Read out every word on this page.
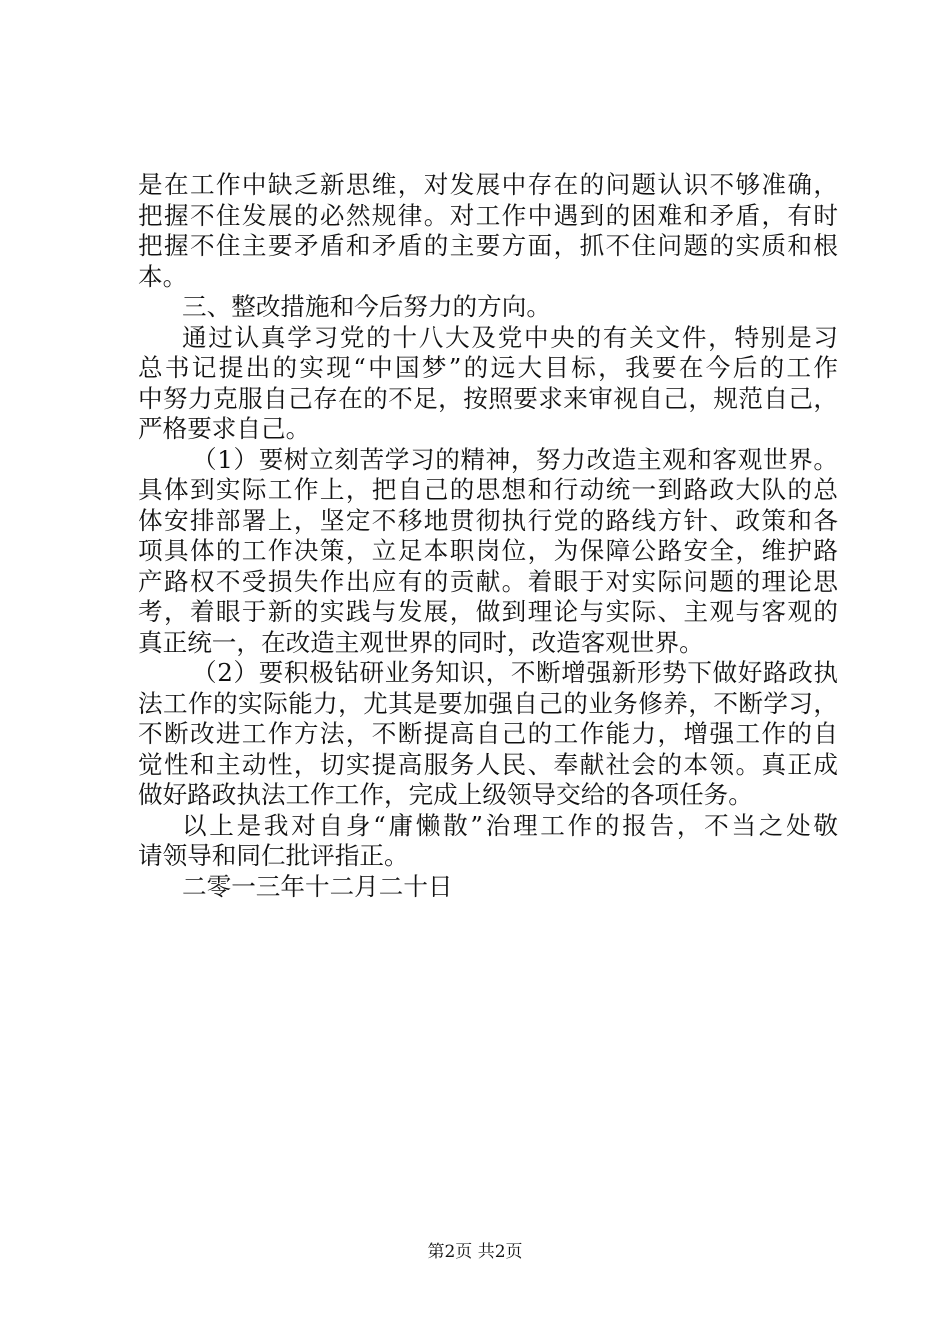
是在工作中缺乏新思维，对发展中存在的问题认识不够准确，
把握不住发展的必然规律。对工作中遇到的困难和矛盾，有时
把握不住主要矛盾和矛盾的主要方面，抓不住问题的实质和根
本。
三、整改措施和今后努力的方向。
通过认真学习党的十八大及党中央的有关文件，特别是习
总书记提出的实现“中国梦”的远大目标，我要在今后的工作
中努力克服自己存在的不足，按照要求来审视自己，规范自己，
严格要求自己。
（1）要树立刻苦学习的精神，努力改造主观和客观世界。
具体到实际工作上，把自己的思想和行动统一到路政大队的总
体安排部署上，坚定不移地贯彻执行党的路线方针、政策和各
项具体的工作决策，立足本职岗位，为保障公路安全，维护路
产路权不受损失作出应有的贡献。着眼于对实际问题的理论思
考，着眼于新的实践与发展，做到理论与实际、主观与客观的
真正统一，在改造主观世界的同时，改造客观世界。
（2）要积极钻研业务知识，不断增强新形势下做好路政执
法工作的实际能力，尤其是要加强自己的业务修养，不断学习，
不断改进工作方法，不断提高自己的工作能力，增强工作的自
觉性和主动性，切实提高服务人民、奉献社会的本领。真正成
做好路政执法工作工作，完成上级领导交给的各项任务。
以上是我对自身“庸懒散”治理工作的报告，不当之处敬
请领导和同仁批评指正。
二零一三年十二月二十日
第2页 共2页
